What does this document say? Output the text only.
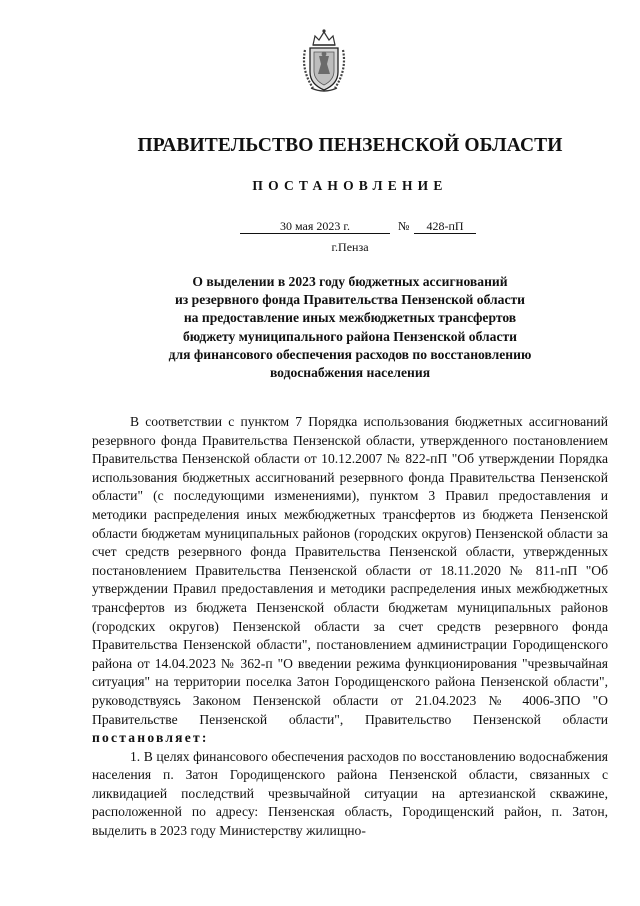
ПРАВИТЕЛЬСТВО ПЕНЗЕНСКОЙ ОБЛАСТИ
ПОСТАНОВЛЕНИЕ
30 мая 2023 г.	№	428-пП
г.Пенза
О выделении в 2023 году бюджетных ассигнований
из резервного фонда Правительства Пензенской области
на предоставление иных межбюджетных трансфертов
бюджету муниципального района Пензенской области
для финансового обеспечения расходов по восстановлению
водоснабжения населения

В соответствии с пунктом 7 Порядка использования бюджетных ассигнований резервного фонда Правительства Пензенской области, утвержденного постановлением Правительства Пензенской области от 10.12.2007 № 822-пП "Об утверждении Порядка использования бюджетных ассигнований резервного фонда Правительства Пензенской области" (с последующими изменениями), пунктом 3 Правил предоставления и методики распределения иных межбюджетных трансфертов из бюджета Пензенской области бюджетам муниципальных районов (городских округов) Пензенской области за счет средств резервного фонда Правительства Пензенской области, утвержденных постановлением Правительства Пензенской области от 18.11.2020 № 811-пП "Об утверждении Правил предоставления и методики распределения иных межбюджетных трансфертов из бюджета Пензенской области бюджетам муниципальных районов (городских округов) Пензенской области за счет средств резервного фонда Правительства Пензенской области", постановлением администрации Городищенского района от 14.04.2023 № 362-п "О введении режима функционирования "чрезвычайная ситуация" на территории поселка Затон Городищенского района Пензенской области", руководствуясь Законом Пензенской области от 21.04.2023 № 4006-ЗПО "О Правительстве Пензенской области", Правительство Пензенской области постановляет:

1. В целях финансового обеспечения расходов по восстановлению водоснабжения населения п. Затон Городищенского района Пензенской области, связанных с ликвидацией последствий чрезвычайной ситуации на артезианской скважине, расположенной по адресу: Пензенская область, Городищенский район, п. Затон, выделить в 2023 году Министерству жилищно-
